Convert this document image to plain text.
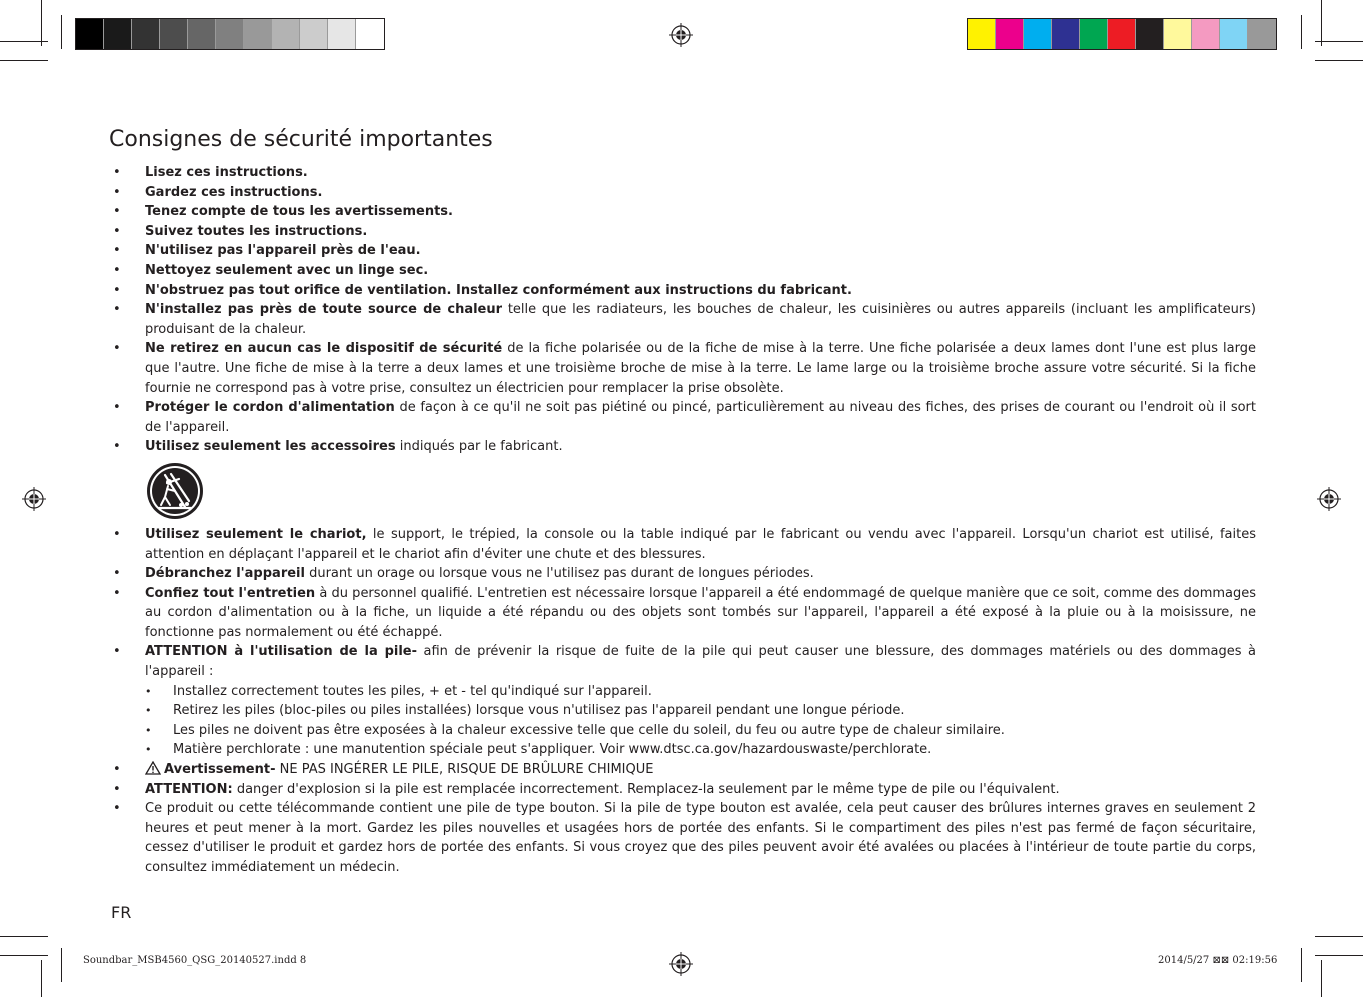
Consignes de sécurité importantes
• Lisez ces instructions.
• Gardez ces instructions.
• Tenez compte de tous les avertissements.
• Suivez toutes les instructions.
• N'utilisez pas l'appareil près de l'eau.
• Nettoyez seulement avec un linge sec.
• N'obstruez pas tout orifice de ventilation. Installez conformément aux instructions du fabricant.
• N'installez pas près de toute source de chaleur telle que les radiateurs, les bouches de chaleur, les cuisinières ou autres appareils (incluant les amplificateurs) produisant de la chaleur.
• Ne retirez en aucun cas le dispositif de sécurité de la fiche polarisée ou de la fiche de mise à la terre. Une fiche polarisée a deux lames dont l'une est plus large que l'autre. Une fiche de mise à la terre a deux lames et une troisième broche de mise à la terre. Le lame large ou la troisième broche assure votre sécurité. Si la fiche fournie ne correspond pas à votre prise, consultez un électricien pour remplacer la prise obsolète.
• Protéger le cordon d'alimentation de façon à ce qu'il ne soit pas piétiné ou pincé, particulièrement au niveau des fiches, des prises de courant ou l'endroit où il sort de l'appareil.
• Utilisez seulement les accessoires indiqués par le fabricant.
• Utilisez seulement le chariot, le support, le trépied, la console ou la table indiqué par le fabricant ou vendu avec l'appareil. Lorsqu'un chariot est utilisé, faites attention en déplaçant l'appareil et le chariot afin d'éviter une chute et des blessures.
• Débranchez l'appareil durant un orage ou lorsque vous ne l'utilisez pas durant de longues périodes.
• Confiez tout l'entretien à du personnel qualifié. L'entretien est nécessaire lorsque l'appareil a été endommagé de quelque manière que ce soit, comme des dommages au cordon d'alimentation ou à la fiche, un liquide a été répandu ou des objets sont tombés sur l'appareil, l'appareil a été exposé à la pluie ou à la moisissure, ne fonctionne pas normalement ou été échappé.
• ATTENTION à l'utilisation de la pile- afin de prévenir la risque de fuite de la pile qui peut causer une blessure, des dommages matériels ou des dommages à l'appareil :
• Installez correctement toutes les piles, + et - tel qu'indiqué sur l'appareil.
• Retirez les piles (bloc-piles ou piles installées) lorsque vous n'utilisez pas l'appareil pendant une longue période.
• Les piles ne doivent pas être exposées à la chaleur excessive telle que celle du soleil, du feu ou autre type de chaleur similaire.
• Matière perchlorate : une manutention spéciale peut s'appliquer. Voir www.dtsc.ca.gov/hazardouswaste/perchlorate.
• Avertissement- NE PAS INGÉRER LE PILE, RISQUE DE BRÛLURE CHIMIQUE
• ATTENTION: danger d'explosion si la pile est remplacée incorrectement. Remplacez-la seulement par le même type de pile ou l'équivalent.
• Ce produit ou cette télécommande contient une pile de type bouton. Si la pile de type bouton est avalée, cela peut causer des brûlures internes graves en seulement 2 heures et peut mener à la mort. Gardez les piles nouvelles et usagées hors de portée des enfants. Si le compartiment des piles n'est pas fermé de façon sécuritaire, cessez d'utiliser le produit et gardez hors de portée des enfants. Si vous croyez que des piles peuvent avoir été avalées ou placées à l'intérieur de toute partie du corps, consultez immédiatement un médecin.
FR
Soundbar_MSB4560_QSG_20140527.indd 8	2014/5/27 ⊠⊠ 02:19:56
